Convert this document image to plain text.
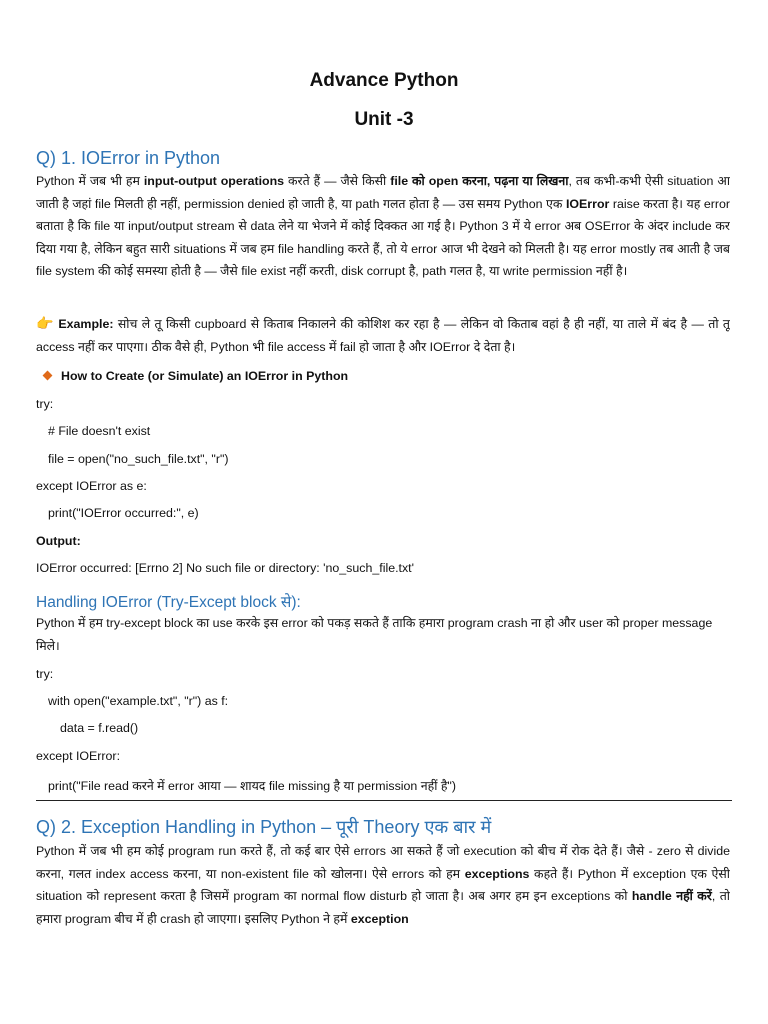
Advance Python
Unit -3
Q) 1. IOError in Python
Python में जब भी हम input-output operations करते हैं — जैसे किसी file को open करना, पढ़ना या लिखना, तब कभी-कभी ऐसी situation आ जाती है जहां file मिलती ही नहीं, permission denied हो जाती है, या path गलत होता है — उस समय Python एक IOError raise करता है। यह error बताता है कि file या input/output stream से data लेने या भेजने में कोई दिक्कत आ गई है। Python 3 में ये error अब OSError के अंदर include कर दिया गया है, लेकिन बहुत सारी situations में जब हम file handling करते हैं, तो ये error आज भी देखने को मिलती है। यह error mostly तब आती है जब file system की कोई समस्या होती है — जैसे file exist नहीं करती, disk corrupt है, path गलत है, या write permission नहीं है।
👉 Example: सोच ले तू किसी cupboard से किताब निकालने की कोशिश कर रहा है — लेकिन वो किताब वहां है ही नहीं, या ताले में बंद है — तो तू access नहीं कर पाएगा। ठीक वैसे ही, Python भी file access में fail हो जाता है और IOError दे देता है।
How to Create (or Simulate) an IOError in Python
try:
# File doesn't exist
file = open("no_such_file.txt", "r")
except IOError as e:
print("IOError occurred:", e)
Output:
IOError occurred: [Errno 2] No such file or directory: 'no_such_file.txt'
Handling IOError (Try-Except block से):
Python में हम try-except block का use करके इस error को पकड़ सकते हैं ताकि हमारा program crash ना हो और user को proper message मिले।
try:
with open("example.txt", "r") as f:
data = f.read()
except IOError:
print("File read करने में error आया — शायद file missing है या permission नहीं है")
Q) 2. Exception Handling in Python – पूरी Theory एक बार में
Python में जब भी हम कोई program run करते हैं, तो कई बार ऐसे errors आ सकते हैं जो execution को बीच में रोक देते हैं। जैसे - zero से divide करना, गलत index access करना, या non-existent file को खोलना। ऐसे errors को हम exceptions कहते हैं। Python में exception एक ऐसी situation को represent करता है जिसमें program का normal flow disturb हो जाता है। अब अगर हम इन exceptions को handle नहीं करें, तो हमारा program बीच में ही crash हो जाएगा। इसलिए Python ने हमें exception
